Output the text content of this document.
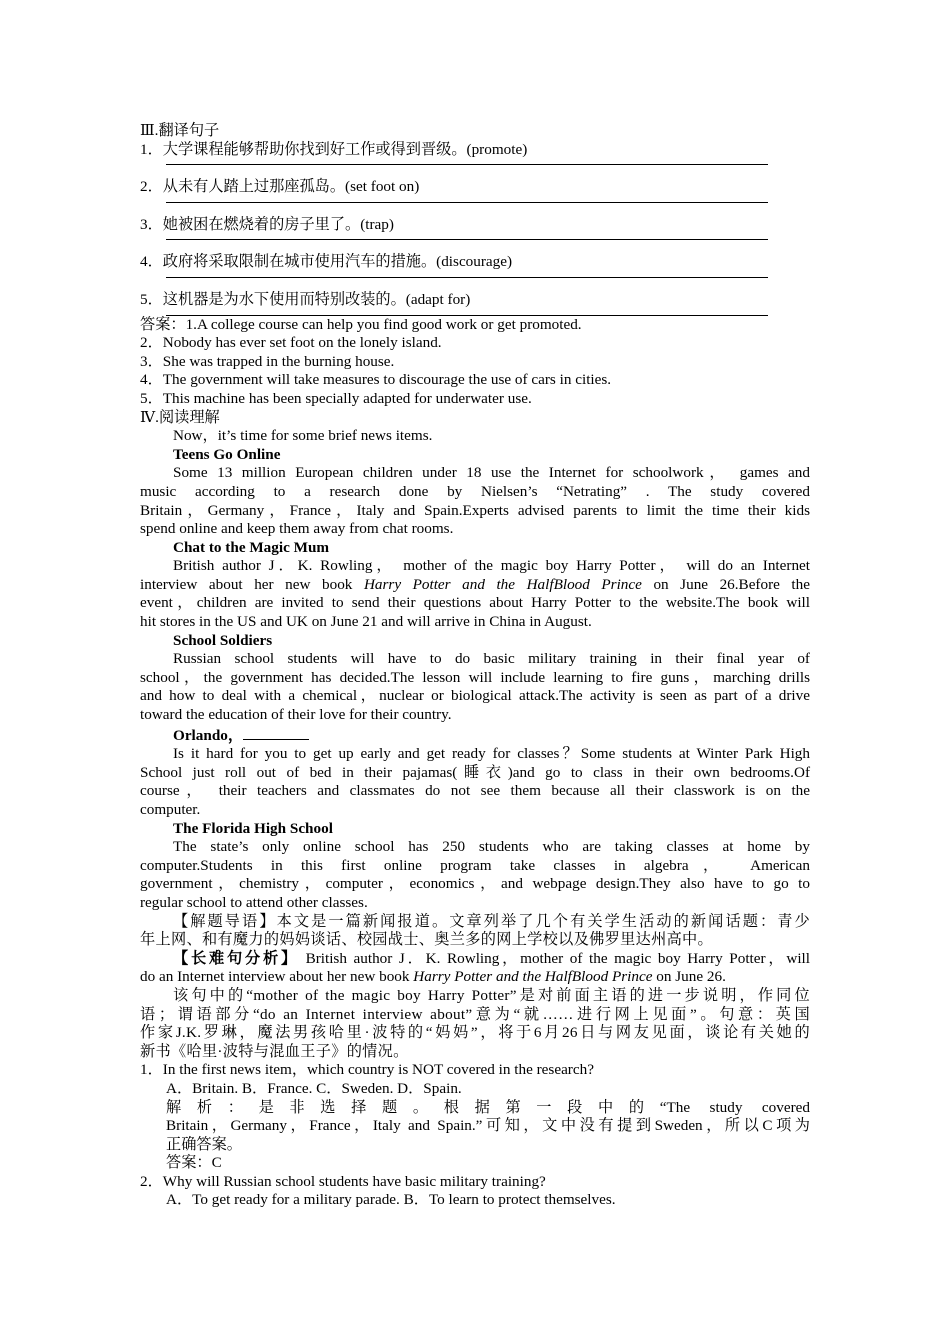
Ⅲ.翻译句子
1．大学课程能够帮助你找到好工作或得到晋级。(promote)
2．从未有人踏上过那座孤岛。(set foot on)
3．她被困在燃烧着的房子里了。(trap)
4．政府将采取限制在城市使用汽车的措施。(discourage)
5．这机器是为水下使用而特别改装的。(adapt for)
答案：1.A college course can help you find good work or get promoted.
2．Nobody has ever set foot on the lonely island.
3．She was trapped in the burning house.
4．The government will take measures to discourage the use of cars in cities.
5．This machine has been specially adapted for underwater use.
Ⅳ.阅读理解
Now，it’s time for some brief news items.
Teens Go Online
Some 13 million European children under 18 use the Internet for schoolwork， games and
music according to a research done by Nielsen’s “Netrating” . The study covered
Britain，Germany，France，Italy and Spain.Experts advised parents to limit the time their kids
spend online and keep them away from chat rooms.
Chat to the Magic Mum
British author J．K. Rowling， mother of the magic boy Harry Potter， will do an Internet
interview about her new book Harry Potter and the HalfBlood Prince on June 26.Before the
event，children are invited to send their questions about Harry Potter to the website.The book will
hit stores in the US and UK on June 21 and will arrive in China in August.
School Soldiers
Russian school students will have to do basic military training in their final year of
school，the government has decided.The lesson will include learning to fire guns，marching drills
and how to deal with a chemical，nuclear or biological attack.The activity is seen as part of a drive
toward the education of their love for their country.
Orlando，
Is it hard for you to get up early and get ready for classes？Some students at Winter Park High
School just roll out of bed in their pajamas(睡衣)and go to class in their own bedrooms.Of
course， their teachers and classmates do not see them because all their classwork is on the
computer.
The Florida High School
The state’s only online school has 250 students who are taking classes at home by
computer.Students in this first online program take classes in algebra， American
government，chemistry，computer，economics，and webpage design.They also have to go to
regular school to attend other classes.
【解题导语】本文是一篇新闻报道。文章列举了几个有关学生活动的新闻话题：青少
年上网、和有魔力的妈妈谈话、校园战士、奥兰多的网上学校以及佛罗里达州高中。
【长难句分析】 British author J．K. Rowling，mother of the magic boy Harry Potter，will
do an Internet interview about her new book Harry Potter and the HalfBlood Prince on June 26.
该句中的“mother of the magic boy Harry Potter”是对前面主语的进一步说明，作同位
语；谓语部分“do an Internet interview about”意为“就……进行网上见面”。句意：英国
作家J.K.罗琳，魔法男孩哈里·波特的“妈妈”，将于6月26日与网友见面，谈论有关她的
新书《哈里·波特与混血王子》的情况。
1．In the first news item，which country is NOT covered in the research?
A．Britain. B．France. C．Sweden. D．Spain.
解析：是非选择题。根据第一段中的“The study covered
Britain，Germany，France，Italy and Spain.”可知，文中没有提到Sweden，所以C项为
正确答案。
答案：C
2．Why will Russian school students have basic military training?
A．To get ready for a military parade. B．To learn to protect themselves.
